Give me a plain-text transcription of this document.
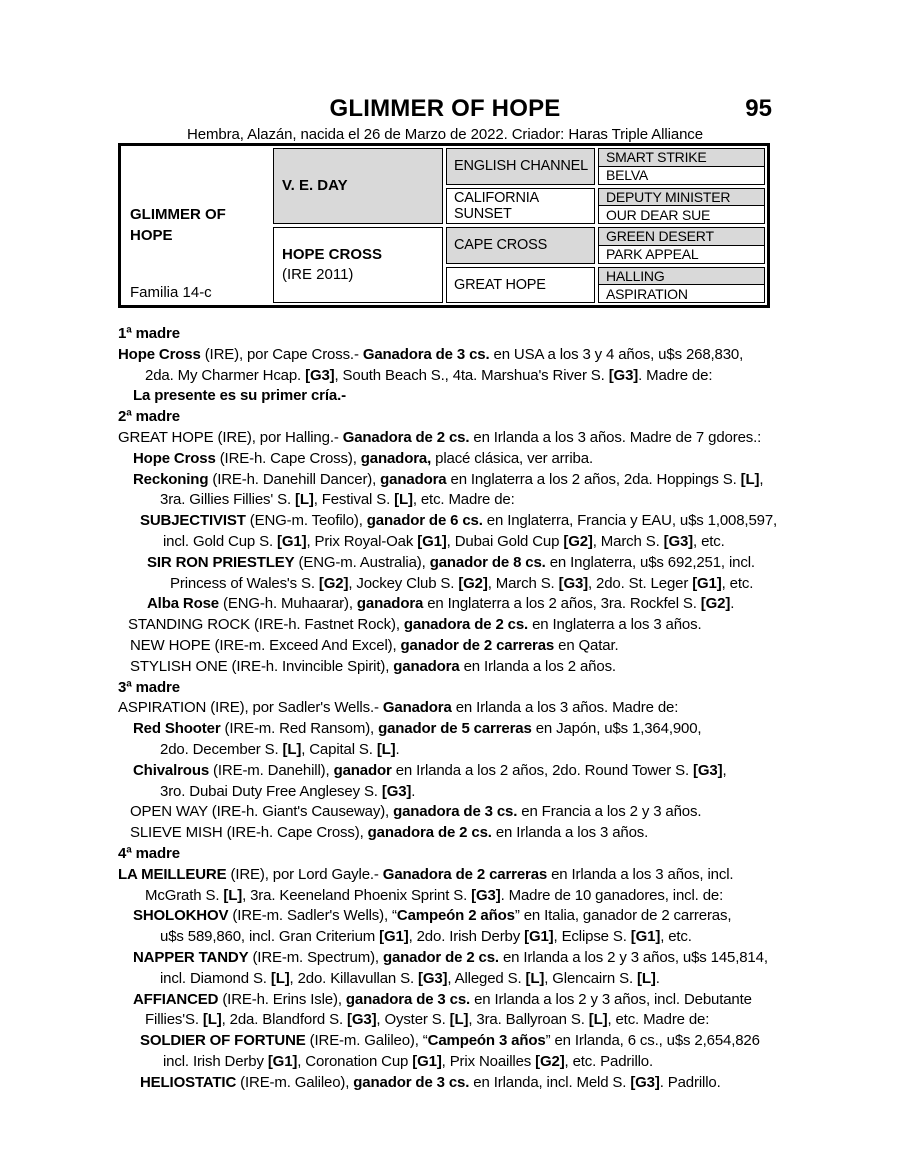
GLIMMER OF HOPE	95
Hembra, Alazán, nacida el 26 de Marzo de 2022. Criador: Haras Triple Alliance
GLIMMER OF HOPE
Familia 14-c
V. E. DAY
HOPE CROSS
(IRE 2011)
ENGLISH CHANNEL
CALIFORNIA SUNSET
CAPE CROSS
GREAT HOPE
SMART STRIKE
BELVA
DEPUTY MINISTER
OUR DEAR SUE
GREEN DESERT
PARK APPEAL
HALLING
ASPIRATION
1ª madre
Hope Cross (IRE), por Cape Cross.- Ganadora de 3 cs. en USA a los 3 y 4 años, u$s 268,830,
2da. My Charmer Hcap. [G3], South Beach S., 4ta. Marshua's River S. [G3]. Madre de:
La presente es su primer cría.-
2ª madre
GREAT HOPE (IRE), por Halling.- Ganadora de 2 cs. en Irlanda a los 3 años. Madre de 7 gdores.:
Hope Cross (IRE-h. Cape Cross), ganadora, placé clásica, ver arriba.
Reckoning (IRE-h. Danehill Dancer), ganadora en Inglaterra a los 2 años, 2da. Hoppings S. [L],
3ra. Gillies Fillies' S. [L], Festival S. [L], etc. Madre de:
SUBJECTIVIST (ENG-m. Teofilo), ganador de 6 cs. en Inglaterra, Francia y EAU, u$s 1,008,597,
incl. Gold Cup S. [G1], Prix Royal-Oak [G1], Dubai Gold Cup [G2], March S. [G3], etc.
SIR RON PRIESTLEY (ENG-m. Australia), ganador de 8 cs. en Inglaterra, u$s 692,251, incl.
Princess of Wales's S. [G2], Jockey Club S. [G2], March S. [G3], 2do. St. Leger [G1], etc.
Alba Rose (ENG-h. Muhaarar), ganadora en Inglaterra a los 2 años, 3ra. Rockfel S. [G2].
STANDING ROCK (IRE-h. Fastnet Rock), ganadora de 2 cs. en Inglaterra a los 3 años.
NEW HOPE (IRE-m. Exceed And Excel), ganador de 2 carreras en Qatar.
STYLISH ONE (IRE-h. Invincible Spirit), ganadora en Irlanda a los 2 años.
3ª madre
ASPIRATION (IRE), por Sadler's Wells.- Ganadora en Irlanda a los 3 años. Madre de:
Red Shooter (IRE-m. Red Ransom), ganador de 5 carreras en Japón, u$s 1,364,900,
2do. December S. [L], Capital S. [L].
Chivalrous (IRE-m. Danehill), ganador en Irlanda a los 2 años, 2do. Round Tower S. [G3],
3ro. Dubai Duty Free Anglesey S. [G3].
OPEN WAY (IRE-h. Giant's Causeway), ganadora de 3 cs. en Francia a los 2 y 3 años.
SLIEVE MISH (IRE-h. Cape Cross), ganadora de 2 cs. en Irlanda a los 3 años.
4ª madre
LA MEILLEURE (IRE), por Lord Gayle.- Ganadora de 2 carreras en Irlanda a los 3 años, incl.
McGrath S. [L], 3ra. Keeneland Phoenix Sprint S. [G3]. Madre de 10 ganadores, incl. de:
SHOLOKHOV (IRE-m. Sadler's Wells), “Campeón 2 años” en Italia, ganador de 2 carreras,
u$s 589,860, incl. Gran Criterium [G1], 2do. Irish Derby [G1], Eclipse S. [G1], etc.
NAPPER TANDY (IRE-m. Spectrum), ganador de 2 cs. en Irlanda a los 2 y 3 años, u$s 145,814,
incl. Diamond S. [L], 2do. Killavullan S. [G3], Alleged S. [L], Glencairn S. [L].
AFFIANCED (IRE-h. Erins Isle), ganadora de 3 cs. en Irlanda a los 2 y 3 años, incl. Debutante
Fillies'S. [L], 2da. Blandford S. [G3], Oyster S. [L], 3ra. Ballyroan S. [L], etc. Madre de:
SOLDIER OF FORTUNE (IRE-m. Galileo), “Campeón 3 años” en Irlanda, 6 cs., u$s 2,654,826
incl. Irish Derby [G1], Coronation Cup [G1], Prix Noailles [G2], etc. Padrillo.
HELIOSTATIC (IRE-m. Galileo), ganador de 3 cs. en Irlanda, incl. Meld S. [G3]. Padrillo.
